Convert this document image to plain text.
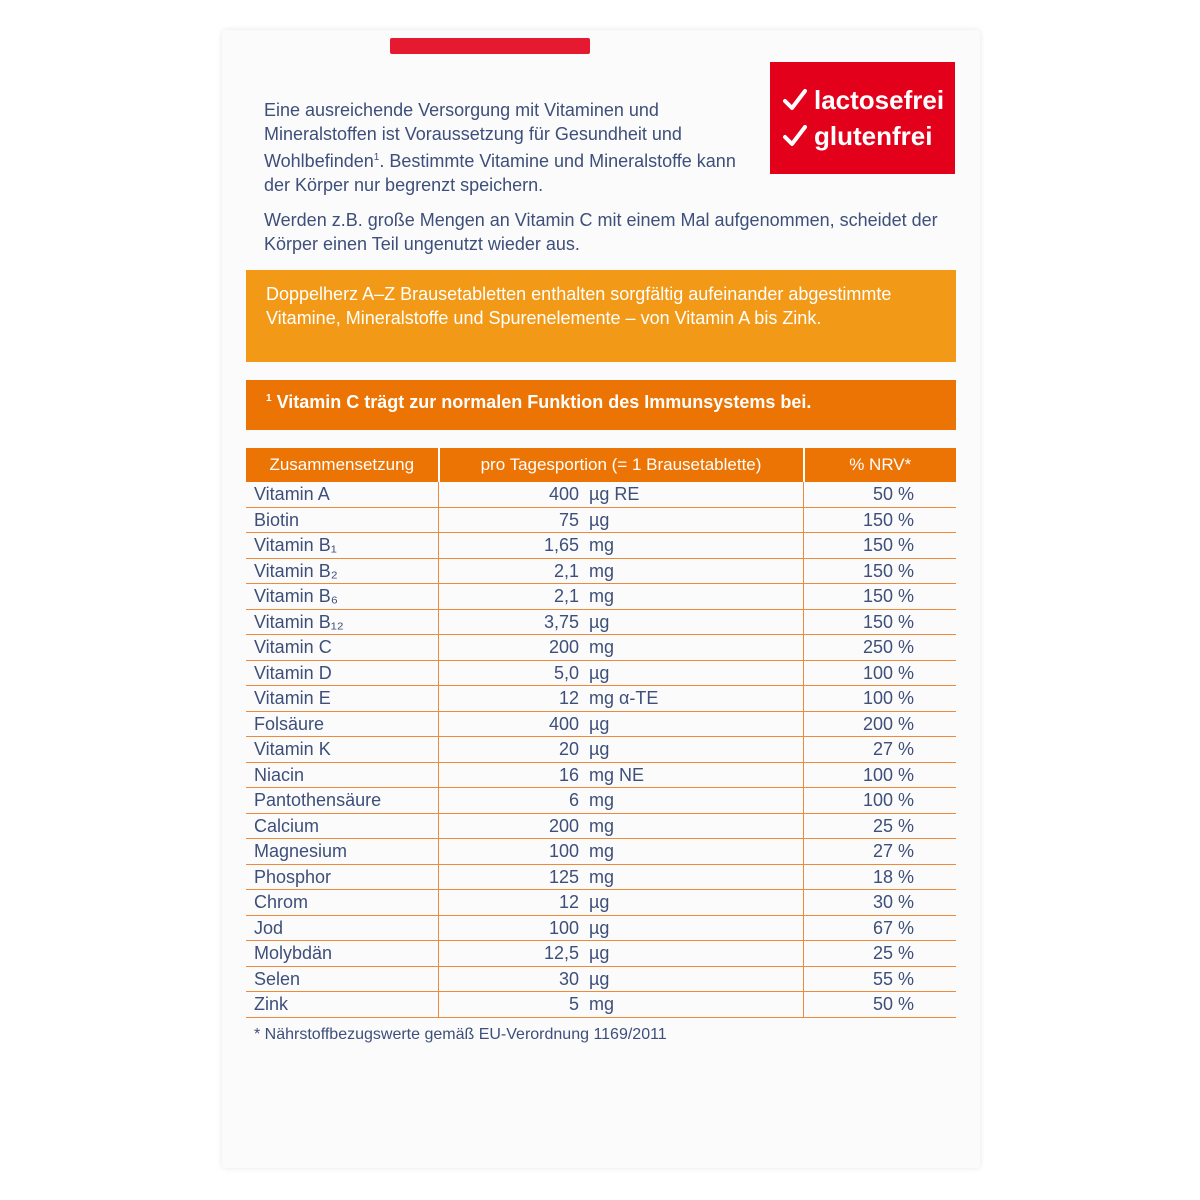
lactosefrei
glutenfrei
Eine ausreichende Versorgung mit Vitaminen und Mineralstoffen ist Voraussetzung für Gesundheit und Wohlbefinden$^1$. Bestimmte Vitamine und Mineralstoffe kann der Körper nur begrenzt speichern.
Werden z.B. große Mengen an Vitamin C mit einem Mal aufgenommen, scheidet der Körper einen Teil ungenutzt wieder aus.
Doppelherz A–Z Brausetabletten enthalten sorgfältig aufeinander abgestimmte Vitamine, Mineralstoffe und Spurenelemente – von Vitamin A bis Zink.
$^1$ Vitamin C trägt zur normalen Funktion des Immunsystems bei.
Zusammensetzung	pro Tagesportion (= 1 Brausetablette)	% NRV*
Vitamin A	400 µg RE	50 %
Biotin	75 µg	150 %
Vitamin B₁	1,65 mg	150 %
Vitamin B₂	2,1 mg	150 %
Vitamin B₆	2,1 mg	150 %
Vitamin B₁₂	3,75 µg	150 %
Vitamin C	200 mg	250 %
Vitamin D	5,0 µg	100 %
Vitamin E	12 mg α-TE	100 %
Folsäure	400 µg	200 %
Vitamin K	20 µg	27 %
Niacin	16 mg NE	100 %
Pantothensäure	6 mg	100 %
Calcium	200 mg	25 %
Magnesium	100 mg	27 %
Phosphor	125 mg	18 %
Chrom	12 µg	30 %
Jod	100 µg	67 %
Molybdän	12,5 µg	25 %
Selen	30 µg	55 %
Zink	5 mg	50 %
* Nährstoffbezugswerte gemäß EU-Verordnung 1169/2011
